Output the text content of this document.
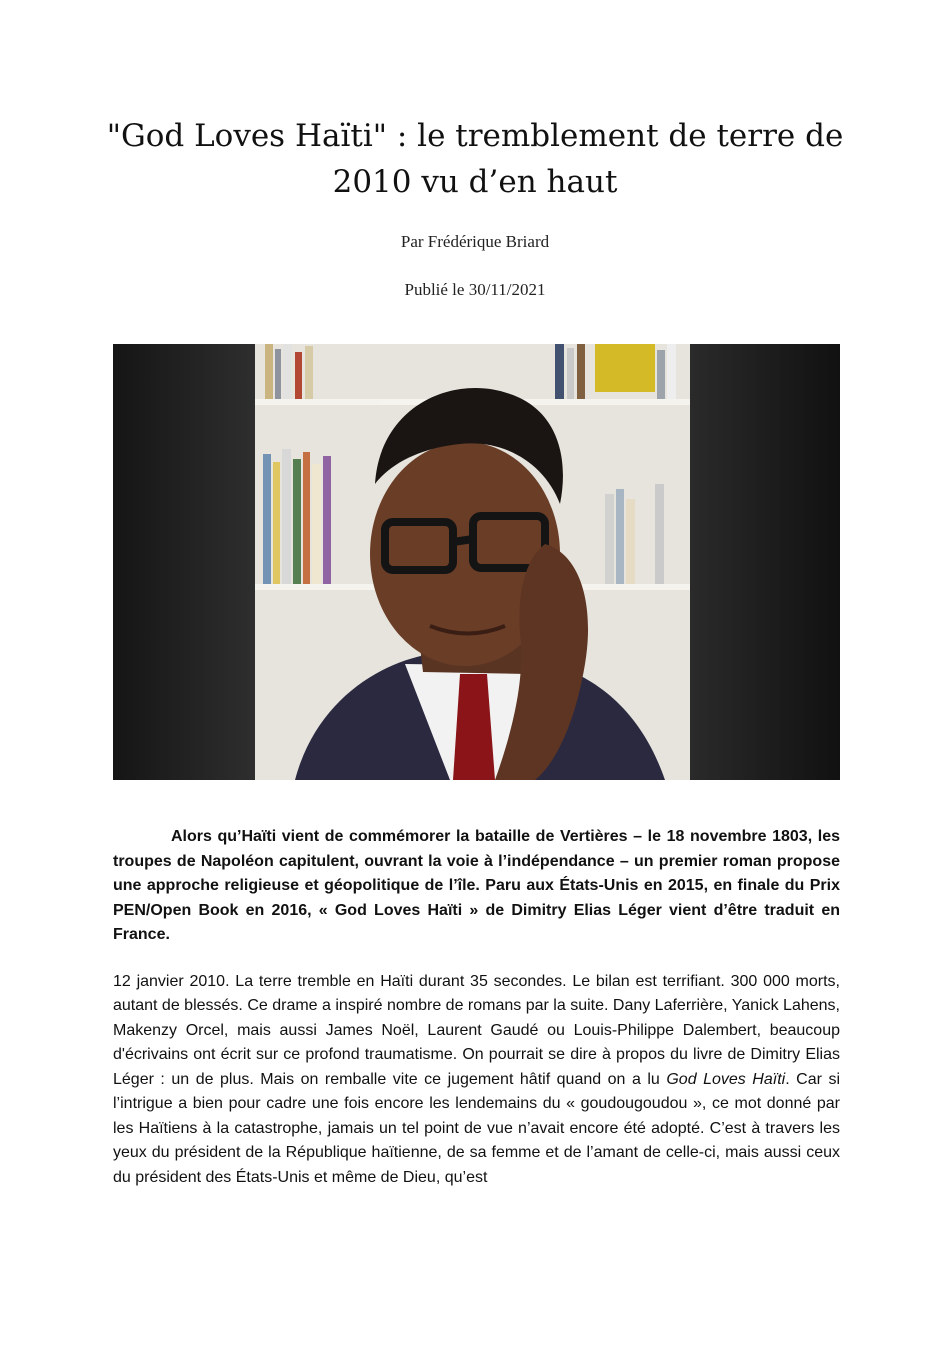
"God Loves Haïti" : le tremblement de terre de 2010 vu d’en haut

Par Frédérique Briard

Publié le 30/11/2021

Alors qu’Haïti vient de commémorer la bataille de Vertières – le 18 novembre 1803, les troupes de Napoléon capitulent, ouvrant la voie à l’indépendance – un premier roman propose une approche religieuse et géopolitique de l’île. Paru aux États-Unis en 2015, en finale du Prix PEN/Open Book en 2016, « God Loves Haïti » de Dimitry Elias Léger vient d’être traduit en France.

12 janvier 2010. La terre tremble en Haïti durant 35 secondes. Le bilan est terrifiant. 300 000 morts, autant de blessés. Ce drame a inspiré nombre de romans par la suite. Dany Laferrière, Yanick Lahens, Makenzy Orcel, mais aussi James Noël, Laurent Gaudé ou Louis-Philippe Dalembert, beaucoup d'écrivains ont écrit sur ce profond traumatisme. On pourrait se dire à propos du livre de Dimitry Elias Léger : un de plus. Mais on remballe vite ce jugement hâtif quand on a lu God Loves Haïti. Car si l’intrigue a bien pour cadre une fois encore les lendemains du « goudougoudou », ce mot donné par les Haïtiens à la catastrophe, jamais un tel point de vue n’avait encore été adopté. C’est à travers les yeux du président de la République haïtienne, de sa femme et de l’amant de celle-ci, mais aussi ceux du président des États-Unis et même de Dieu, qu’est
